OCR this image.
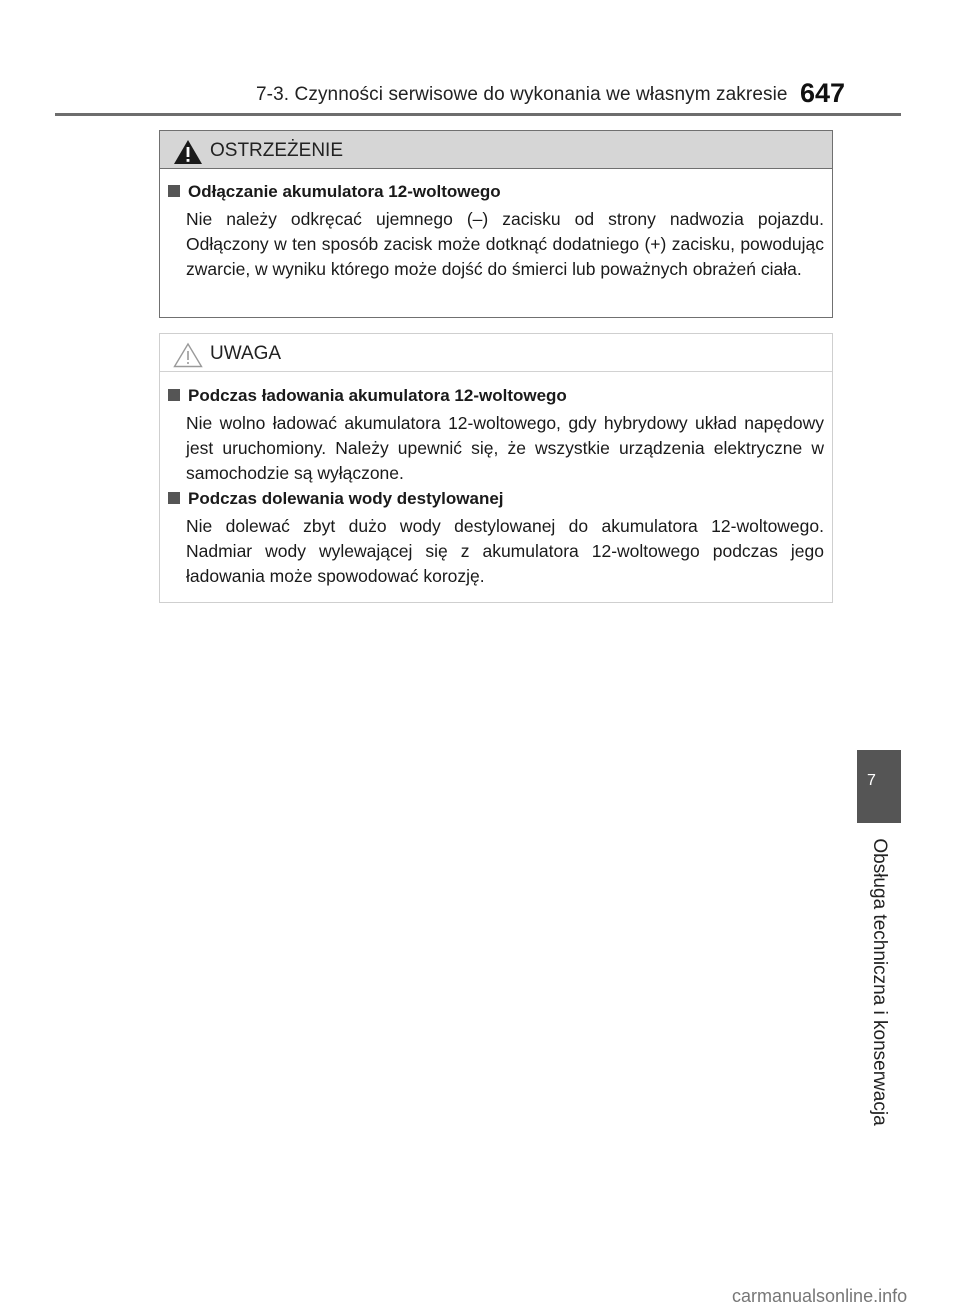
7-3. Czynności serwisowe do wykonania we własnym zakresie 647
OSTRZEŻENIE
Odłączanie akumulatora 12-woltowego
Nie należy odkręcać ujemnego (–) zacisku od strony nadwozia pojazdu. Odłączony w ten sposób zacisk może dotknąć dodatniego (+) zacisku, powodując zwarcie, w wyniku którego może dojść do śmierci lub poważnych obrażeń ciała.
UWAGA
Podczas ładowania akumulatora 12-woltowego
Nie wolno ładować akumulatora 12-woltowego, gdy hybrydowy układ napędowy jest uruchomiony. Należy upewnić się, że wszystkie urządzenia elektryczne w samochodzie są wyłączone.
Podczas dolewania wody destylowanej
Nie dolewać zbyt dużo wody destylowanej do akumulatora 12-woltowego. Nadmiar wody wylewającej się z akumulatora 12-woltowego podczas jego ładowania może spowodować korozję.
7
Obsługa techniczna i konserwacja
carmanualsonline.info
